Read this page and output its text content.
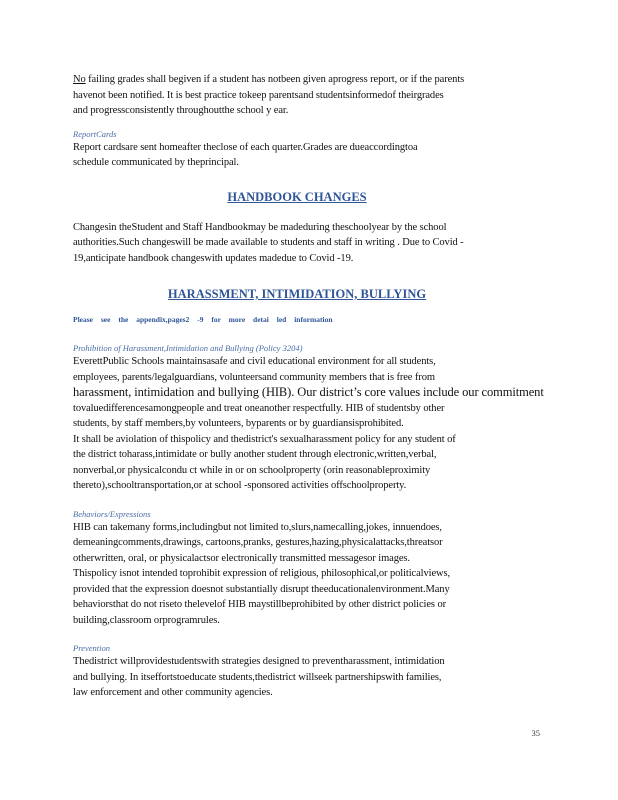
No failing grades shall begiven if a student has notbeen given aprogress report, or if the parents
havenot been notified. It is best practice tokeep parentsand studentsinformedof theirgrades
and progressconsistently throughoutthe school y ear.

ReportCards

Report cardsare sent homeafter theclose of each quarter.Grades are dueaccordingtoa
schedule communicated by theprincipal.

HANDBOOK CHANGES

Changesin theStudent and Staff Handbookmay be madeduring theschoolyear by the school
authorities.Such changeswill be made available to students and staff in writing . Due to Covid -
19,anticipate handbook changeswith updates madedue to Covid -19.

HARASSMENT, INTIMIDATION, BULLYING
Please see the appendix,pages2 -9 for more detai led information
Prohibition of Harassment,Intimidation and Bullying (Policy 3204)

EverettPublic Schools maintainsasafe and civil educational environment for all students,
employees, parents/legalguardians, volunteersand community members that is free from
harassment, intimidation and bullying (HIB). Our district’s core values include our commitment
tovaluedifferencesamongpeople and treat oneanother respectfully. HIB of studentsby other
students, by staff members,by volunteers, byparents or by guardiansisprohibited.
It shall be aviolation of thispolicy and thedistrict's sexualharassment policy for any student of
the district toharass,intimidate or bully another student through electronic,written,verbal,
nonverbal,or physicalcondu ct while in or on schoolproperty (orin reasonableproximity
thereto),schooltransportation,or at school -sponsored activities offschoolproperty.

Behaviors/Expressions

HIB can takemany forms,includingbut not limited to,slurs,namecalling,jokes, innuendoes,
demeaningcomments,drawings, cartoons,pranks, gestures,hazing,physicalattacks,threatsor
otherwritten, oral, or physicalactsor electronically transmitted messagesor images.
Thispolicy isnot intended toprohibit expression of religious, philosophical,or politicalviews,
provided that the expression doesnot substantially disrupt theeducationalenvironment.Many
behaviorsthat do not riseto thelevelof HIB maystillbeprohibited by other district policies or
building,classroom orprogramrules.

Prevention

Thedistrict willprovidestudentswith strategies designed to preventharassment, intimidation
and bullying. In itseffortstoeducate students,thedistrict willseek partnershipswith families,
law enforcement and other community agencies.

35
